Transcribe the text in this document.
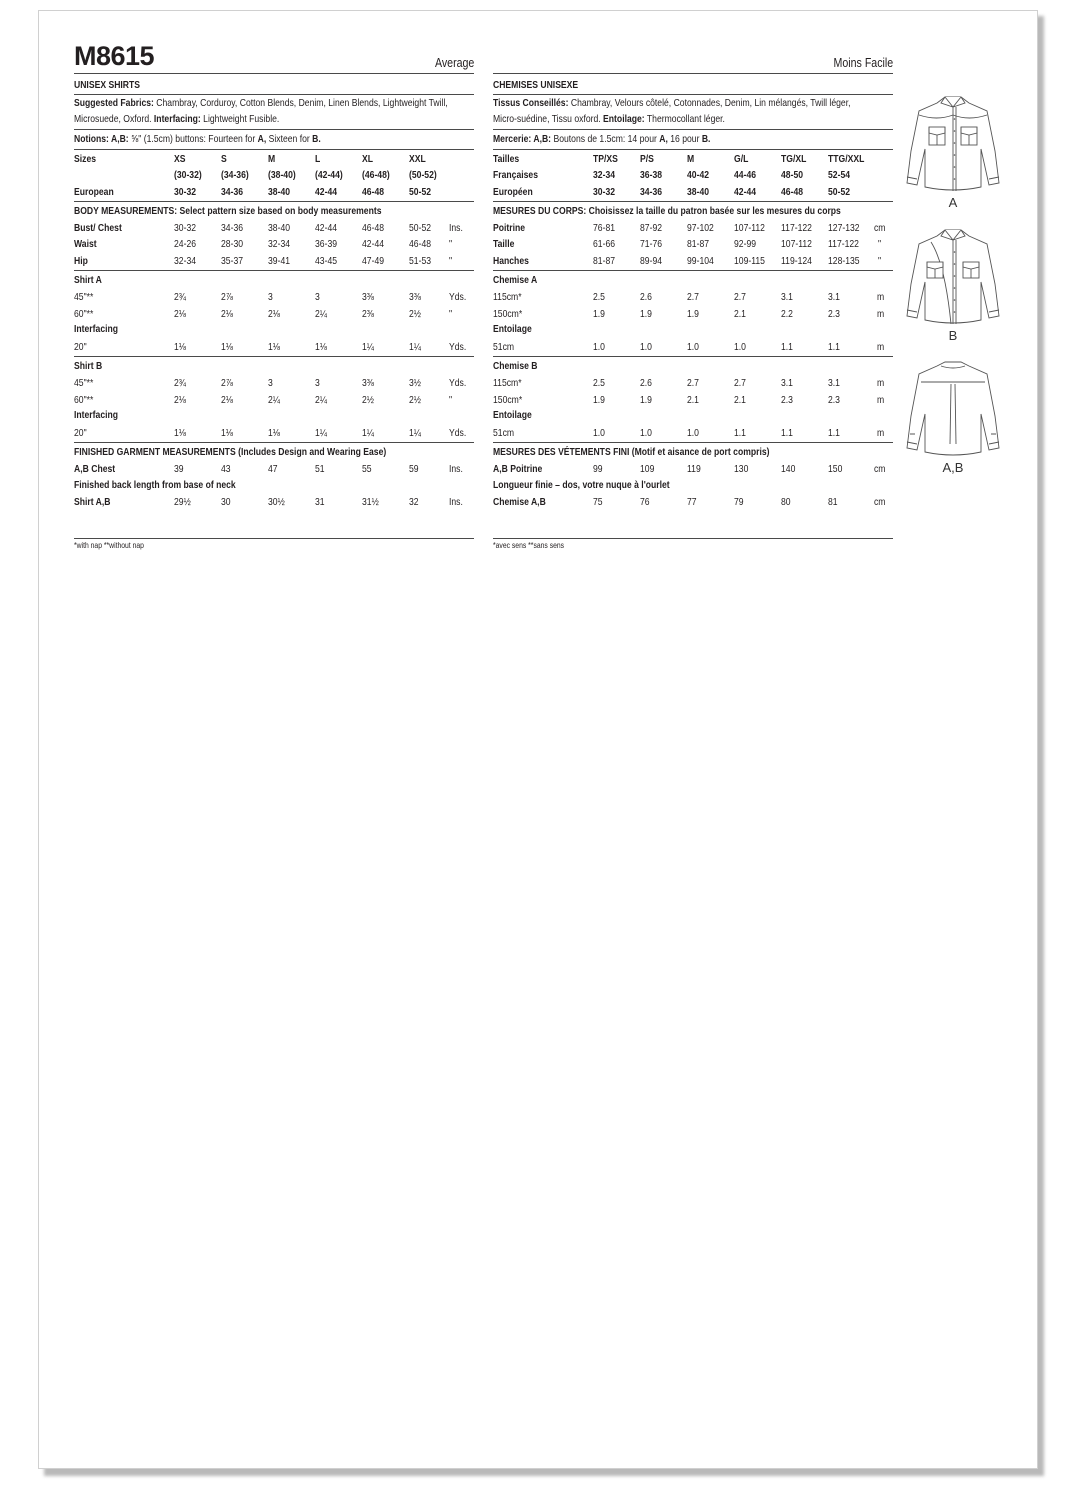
M8615	Average
UNISEX SHIRTS
Suggested Fabrics: Chambray, Corduroy, Cotton Blends, Denim, Linen Blends, Lightweight Twill,
Microsuede, Oxford. Interfacing: Lightweight Fusible.
Notions: A,B: ⅝" (1.5cm) buttons: Fourteen for A, Sixteen for B.
Sizes	XS	S	M	L	XL	XXL
(30-32) (34-36) (38-40) (42-44) (46-48) (50-52)
European	30-32 34-36 38-40 42-44 46-48 50-52
BODY MEASUREMENTS: Select pattern size based on body measurements
Bust/ Chest	30-32 34-36 38-40 42-44 46-48 50-52 Ins.
Waist	24-26 28-30 32-34 36-39 42-44 46-48 "
Hip	32-34 35-37 39-41 43-45 47-49 51-53 "
Shirt A
45"**	2¾	2⅞	3	3	3⅜	3⅜	Yds.
60"**	2⅛	2⅛	2⅛	2¼	2⅜	2½	"
Interfacing
20"	1⅛	1⅛	1⅛	1⅛	1¼	1¼	Yds.
Shirt B
45"**	2¾	2⅞	3	3	3⅜	3½	Yds.
60"**	2⅛	2⅛	2¼	2¼	2½	2½	"
Interfacing
20"	1⅛	1⅛	1⅛	1¼	1¼	1¼	Yds.
FINISHED GARMENT MEASUREMENTS (Includes Design and Wearing Ease)
A,B Chest	39	43	47	51	55	59	Ins.
Finished back length from base of neck
Shirt A,B	29½	30	30½	31	31½	32	Ins.
*with nap **without nap
Moins Facile
CHEMISES UNISEXE
Tissus Conseillés: Chambray, Velours côtelé, Cotonnades, Denim, Lin mélangés, Twill léger,
Micro-suédine, Tissu oxford. Entoilage: Thermocollant léger.
Mercerie: A,B: Boutons de 1.5cm: 14 pour A, 16 pour B.
Tailles	TP/XS P/S	M	G/L	TG/XL TTG/XXL
Françaises	32-34 36-38 40-42 44-46 48-50 52-54
Européen	30-32 34-36 38-40 42-44 46-48 50-52
MESURES DU CORPS: Choisissez la taille du patron basée sur les mesures du corps
Poitrine	76-81 87-92 97-102 107-112 117-122 127-132 cm
Taille	61-66 71-76 81-87 92-99 107-112 117-122 "
Hanches	81-87 89-94 99-104 109-115 119-124 128-135 "
Chemise A
115cm*	2.5	2.6	2.7	2.7	3.1	3.1	m
150cm*	1.9	1.9	1.9	2.1	2.2	2.3	m
Entoilage
51cm	1.0	1.0	1.0	1.0	1.1	1.1	m
Chemise B
115cm*	2.5	2.6	2.7	2.7	3.1	3.1	m
150cm*	1.9	1.9	2.1	2.1	2.3	2.3	m
Entoilage
51cm	1.0	1.0	1.0	1.1	1.1	1.1	m
MESURES DES VÉTEMENTS FINI (Motif et aisance de port compris)
A,B Poitrine	99	109	119	130	140	150	cm
Longueur finie – dos, votre nuque à l'ourlet
Chemise A,B	75	76	77	79	80	81	cm
*avec sens **sans sens
A
B
A,B
